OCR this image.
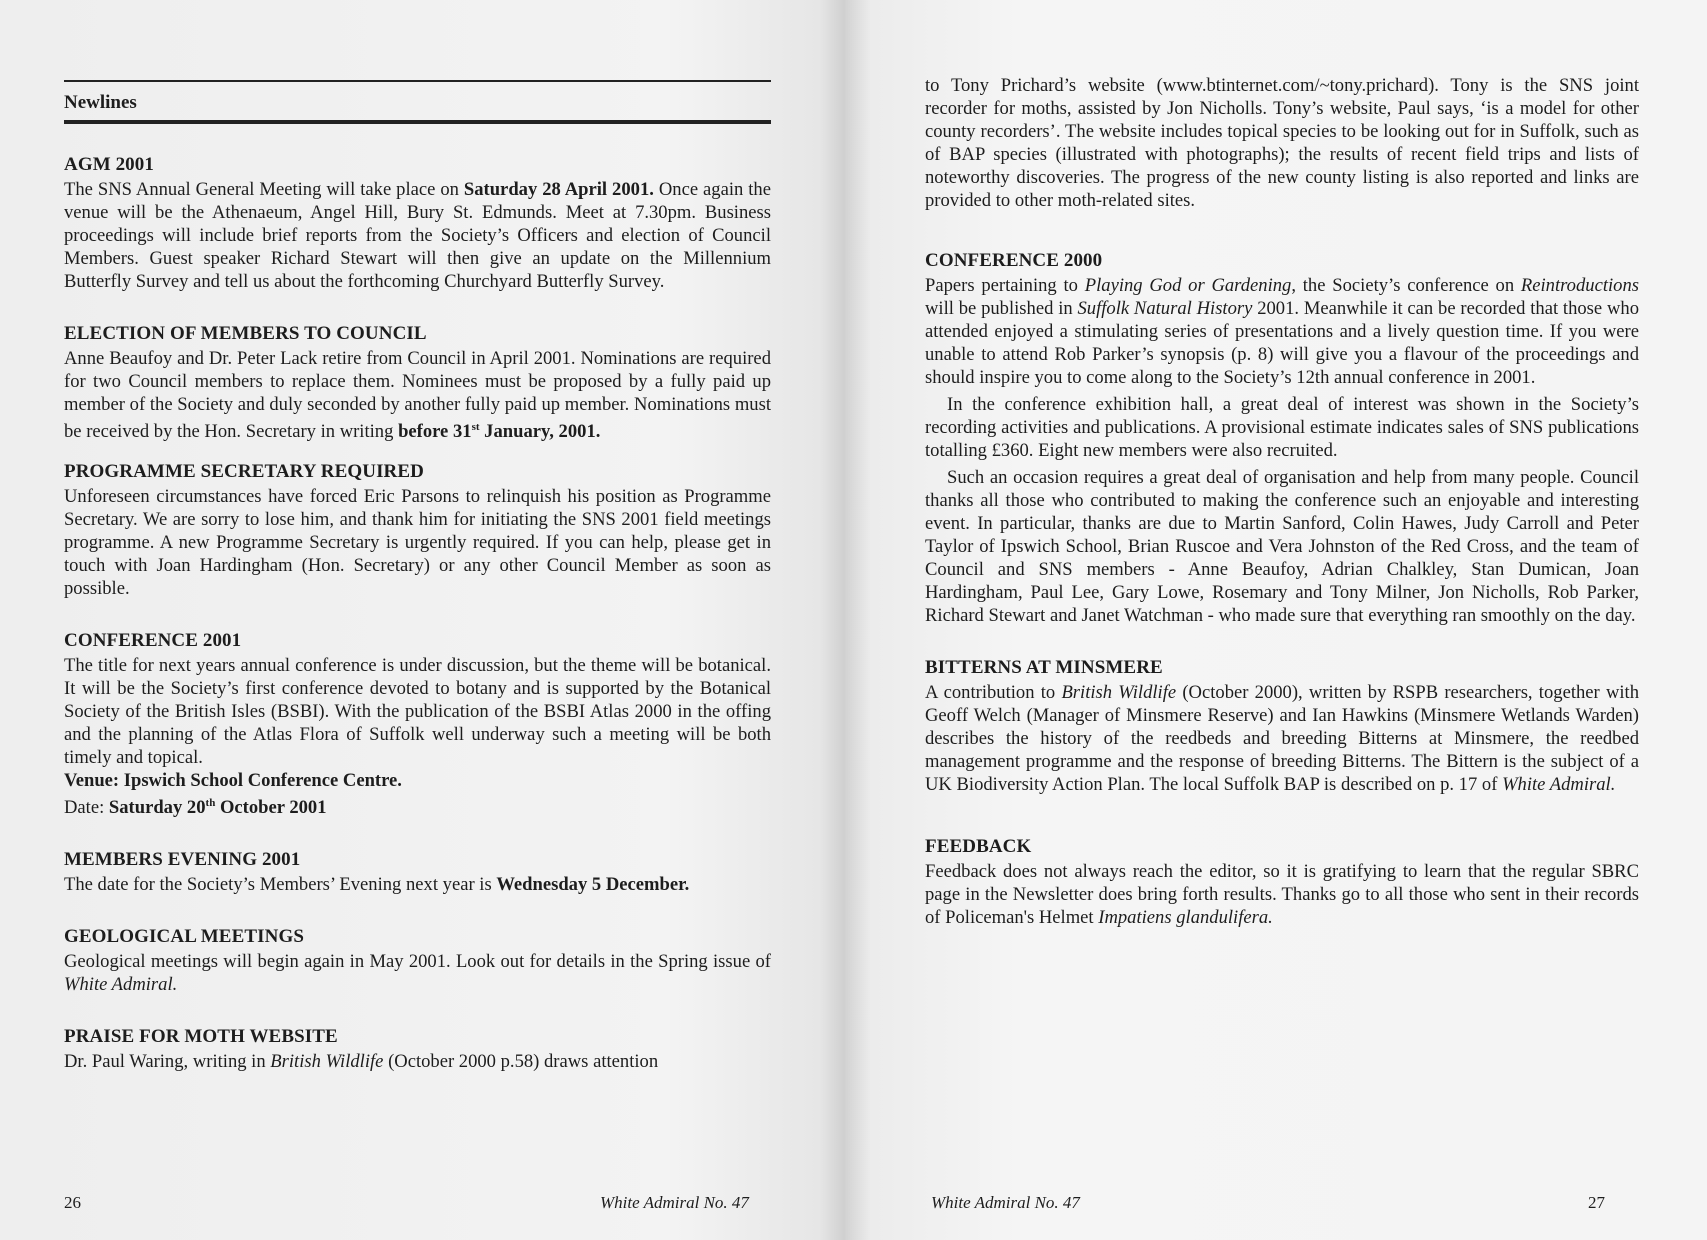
Newlines
AGM 2001

The SNS Annual General Meeting will take place on Saturday 28 April 2001. Once again the venue will be the Athenaeum, Angel Hill, Bury St. Edmunds. Meet at 7.30pm. Business proceedings will include brief reports from the Society’s Officers and election of Council Members. Guest speaker Richard Stewart will then give an update on the Millennium Butterfly Survey and tell us about the forthcoming Churchyard Butterfly Survey.

ELECTION OF MEMBERS TO COUNCIL

Anne Beaufoy and Dr. Peter Lack retire from Council in April 2001. Nominations are required for two Council members to replace them. Nominees must be proposed by a fully paid up member of the Society and duly seconded by another fully paid up member. Nominations must be received by the Hon. Secretary in writing before 31st January, 2001.

PROGRAMME SECRETARY REQUIRED

Unforeseen circumstances have forced Eric Parsons to relinquish his position as Programme Secretary. We are sorry to lose him, and thank him for initiating the SNS 2001 field meetings programme. A new Programme Secretary is urgently required. If you can help, please get in touch with Joan Hardingham (Hon. Secretary) or any other Council Member as soon as possible.

CONFERENCE 2001

The title for next years annual conference is under discussion, but the theme will be botanical. It will be the Society’s first conference devoted to botany and is supported by the Botanical Society of the British Isles (BSBI). With the publication of the BSBI Atlas 2000 in the offing and the planning of the Atlas Flora of Suffolk well underway such a meeting will be both timely and topical.

Venue: Ipswich School Conference Centre.
Date: Saturday 20th October 2001
MEMBERS EVENING 2001

The date for the Society’s Members’ Evening next year is Wednesday 5 December.

GEOLOGICAL MEETINGS

Geological meetings will begin again in May 2001. Look out for details in the Spring issue of White Admiral.

PRAISE FOR MOTH WEBSITE

Dr. Paul Waring, writing in British Wildlife (October 2000 p.58) draws attention

26	White Admiral No. 47

to Tony Prichard’s website (www.btinternet.com/~tony.prichard). Tony is the SNS joint recorder for moths, assisted by Jon Nicholls. Tony’s website, Paul says, ‘is a model for other county recorders’. The website includes topical species to be looking out for in Suffolk, such as of BAP species (illustrated with photographs); the results of recent field trips and lists of noteworthy discoveries. The progress of the new county listing is also reported and links are provided to other moth-related sites.

CONFERENCE 2000

Papers pertaining to Playing God or Gardening, the Society’s conference on Reintroductions will be published in Suffolk Natural History 2001. Meanwhile it can be recorded that those who attended enjoyed a stimulating series of presentations and a lively question time. If you were unable to attend Rob Parker’s synopsis (p. 8) will give you a flavour of the proceedings and should inspire you to come along to the Society’s 12th annual conference in 2001.

In the conference exhibition hall, a great deal of interest was shown in the Society’s recording activities and publications. A provisional estimate indicates sales of SNS publications totalling £360. Eight new members were also recruited.

Such an occasion requires a great deal of organisation and help from many people. Council thanks all those who contributed to making the conference such an enjoyable and interesting event. In particular, thanks are due to Martin Sanford, Colin Hawes, Judy Carroll and Peter Taylor of Ipswich School, Brian Ruscoe and Vera Johnston of the Red Cross, and the team of Council and SNS members - Anne Beaufoy, Adrian Chalkley, Stan Dumican, Joan Hardingham, Paul Lee, Gary Lowe, Rosemary and Tony Milner, Jon Nicholls, Rob Parker, Richard Stewart and Janet Watchman - who made sure that everything ran smoothly on the day.

BITTERNS AT MINSMERE

A contribution to British Wildlife (October 2000), written by RSPB researchers, together with Geoff Welch (Manager of Minsmere Reserve) and Ian Hawkins (Minsmere Wetlands Warden) describes the history of the reedbeds and breeding Bitterns at Minsmere, the reedbed management programme and the response of breeding Bitterns. The Bittern is the subject of a UK Biodiversity Action Plan. The local Suffolk BAP is described on p. 17 of White Admiral.

FEEDBACK

Feedback does not always reach the editor, so it is gratifying to learn that the regular SBRC page in the Newsletter does bring forth results. Thanks go to all those who sent in their records of Policeman's Helmet Impatiens glandulifera.

White Admiral No. 47	27
